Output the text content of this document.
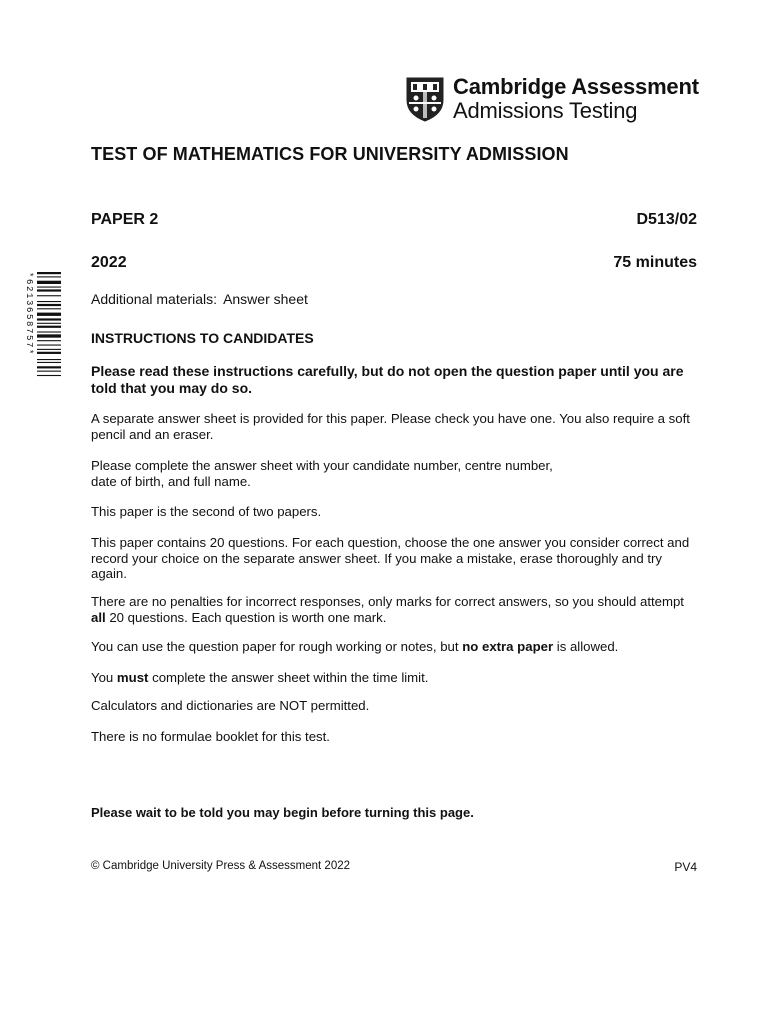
*6213658757*
Cambridge Assessment
Admissions Testing
TEST OF MATHEMATICS FOR UNIVERSITY ADMISSION
PAPER 2	D513/02
2022	75 minutes
Additional materials: Answer sheet
INSTRUCTIONS TO CANDIDATES
Please read these instructions carefully, but do not open the question paper until you are told that you may do so.
A separate answer sheet is provided for this paper. Please check you have one. You also require a soft pencil and an eraser.
Please complete the answer sheet with your candidate number, centre number,
date of birth, and full name.
This paper is the second of two papers.
This paper contains 20 questions. For each question, choose the one answer you consider correct and record your choice on the separate answer sheet. If you make a mistake, erase thoroughly and try again.
There are no penalties for incorrect responses, only marks for correct answers, so you should attempt all 20 questions. Each question is worth one mark.
You can use the question paper for rough working or notes, but no extra paper is allowed.
You must complete the answer sheet within the time limit.
Calculators and dictionaries are NOT permitted.
There is no formulae booklet for this test.
Please wait to be told you may begin before turning this page.
© Cambridge University Press & Assessment 2022	PV4
